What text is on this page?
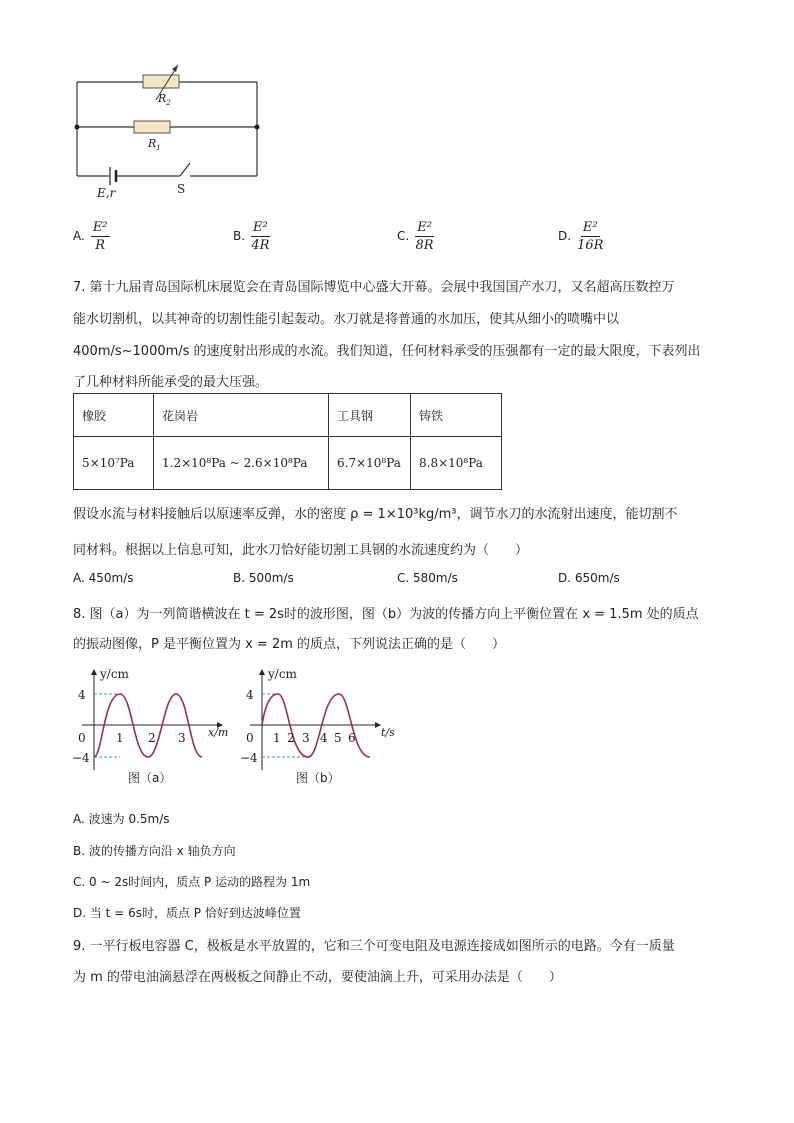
$R_2$
$R_1$
E,r	S
A. $\frac{\text{E²}}{R}$	B. $\frac{\text{E²}}{4R}$	C. $\frac{\text{E²}}{8R}$	D. $\frac{\text{E²}}{16R}$
7. 第十九届青岛国际机床展览会在青岛国际博览中心盛大开幕。会展中我国国产水刀，又名超高压数控万
能水切割机，以其神奇的切割性能引起轰动。水刀就是将普通的水加压，使其从细小的喷嘴中以
400m/s~1000m/s 的速度射出形成的水流。我们知道，任何材料承受的压强都有一定的最大限度，下表列出
了几种材料所能承受的最大压强。
橡胶	花岗岩	工具钢	铸铁
5×10⁷Pa	1.2×10⁸Pa ~ 2.6×10⁸Pa	6.7×10⁸Pa	8.8×10⁸Pa
假设水流与材料接触后以原速率反弹，水的密度 ρ = 1×10³kg/m³，调节水刀的水流射出速度，能切割不
同材料。根据以上信息可知，此水刀恰好能切割工具钢的水流速度约为（　　）
A. 450m/s	B. 500m/s	C. 580m/s	D. 650m/s
8. 图（a）为一列简谐横波在 t = 2s时的波形图，图（b）为波的传播方向上平衡位置在 x = 1.5m 处的质点
的振动图像，P 是平衡位置为 x = 2m 的质点，下列说法正确的是（　　）
y/cm
4
−4
0	1 2 3 x/m
图（a）
y/cm
4
−4
0 1 2 3 4 5 6 t/s
图（b）
A. 波速为 0.5m/s
B. 波的传播方向沿 x 轴负方向
C. 0 ~ 2s时间内，质点 P 运动的路程为 1m
D. 当 t = 6s时，质点 P 恰好到达波峰位置
9. 一平行板电容器 C，极板是水平放置的，它和三个可变电阻及电源连接成如图所示的电路。今有一质量
为 m 的带电油滴悬浮在两极板之间静止不动，要使油滴上升，可采用办法是（　　）
